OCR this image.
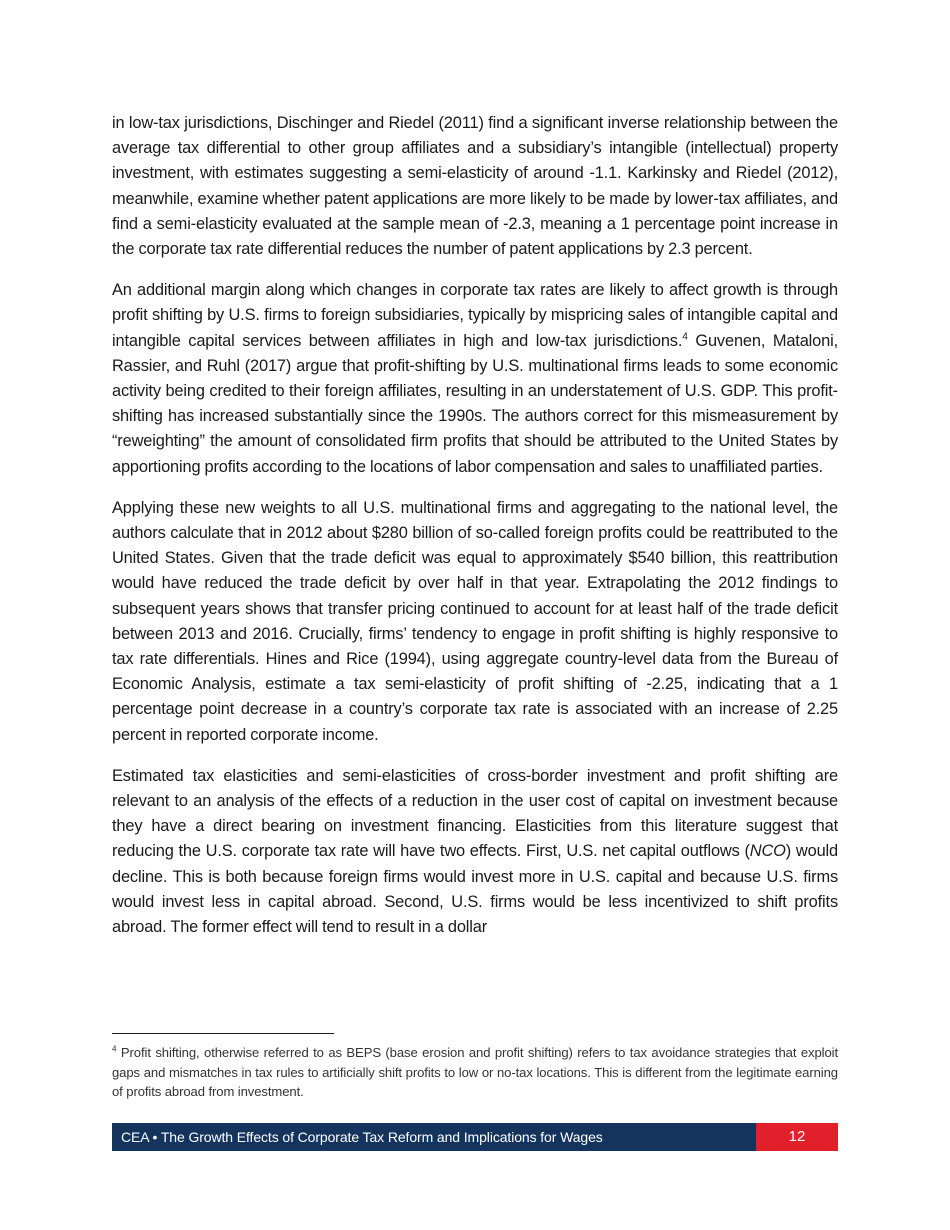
in low-tax jurisdictions, Dischinger and Riedel (2011) find a significant inverse relationship between the average tax differential to other group affiliates and a subsidiary’s intangible (intellectual) property investment, with estimates suggesting a semi-elasticity of around -1.1. Karkinsky and Riedel (2012), meanwhile, examine whether patent applications are more likely to be made by lower-tax affiliates, and find a semi-elasticity evaluated at the sample mean of -2.3, meaning a 1 percentage point increase in the corporate tax rate differential reduces the number of patent applications by 2.3 percent.

An additional margin along which changes in corporate tax rates are likely to affect growth is through profit shifting by U.S. firms to foreign subsidiaries, typically by mispricing sales of intangible capital and intangible capital services between affiliates in high and low-tax jurisdictions.$^4$ Guvenen, Mataloni, Rassier, and Ruhl (2017) argue that profit-shifting by U.S. multinational firms leads to some economic activity being credited to their foreign affiliates, resulting in an understatement of U.S. GDP. This profit-shifting has increased substantially since the 1990s. The authors correct for this mismeasurement by “reweighting” the amount of consolidated firm profits that should be attributed to the United States by apportioning profits according to the locations of labor compensation and sales to unaffiliated parties.

Applying these new weights to all U.S. multinational firms and aggregating to the national level, the authors calculate that in 2012 about $280 billion of so-called foreign profits could be reattributed to the United States. Given that the trade deficit was equal to approximately $540 billion, this reattribution would have reduced the trade deficit by over half in that year. Extrapolating the 2012 findings to subsequent years shows that transfer pricing continued to account for at least half of the trade deficit between 2013 and 2016. Crucially, firms’ tendency to engage in profit shifting is highly responsive to tax rate differentials. Hines and Rice (1994), using aggregate country-level data from the Bureau of Economic Analysis, estimate a tax semi-elasticity of profit shifting of -2.25, indicating that a 1 percentage point decrease in a country’s corporate tax rate is associated with an increase of 2.25 percent in reported corporate income.

Estimated tax elasticities and semi-elasticities of cross-border investment and profit shifting are relevant to an analysis of the effects of a reduction in the user cost of capital on investment because they have a direct bearing on investment financing. Elasticities from this literature suggest that reducing the U.S. corporate tax rate will have two effects. First, U.S. net capital outflows (NCO) would decline. This is both because foreign firms would invest more in U.S. capital and because U.S. firms would invest less in capital abroad. Second, U.S. firms would be less incentivized to shift profits abroad. The former effect will tend to result in a dollar

$^4$ Profit shifting, otherwise referred to as BEPS (base erosion and profit shifting) refers to tax avoidance strategies that exploit gaps and mismatches in tax rules to artificially shift profits to low or no-tax locations. This is different from the legitimate earning of profits abroad from investment.

CEA • The Growth Effects of Corporate Tax Reform and Implications for Wages	12
